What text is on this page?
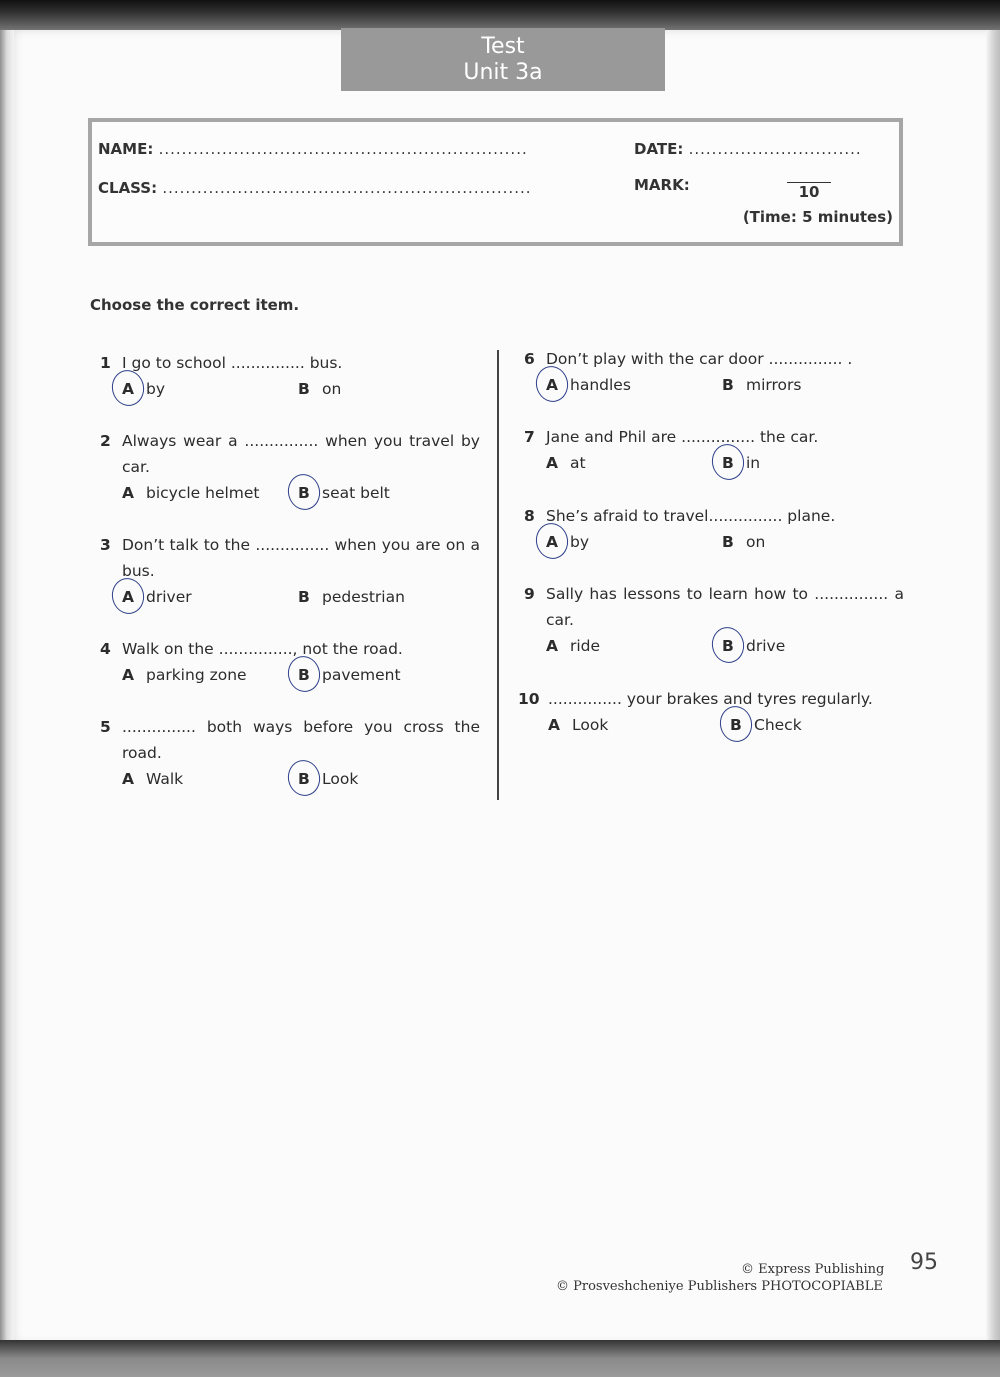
Test
Unit 3a
NAME: ................................................................	DATE: ..............................
CLASS: ................................................................	MARK:	10
(Time: 5 minutes)
Choose the correct item.
1 I go to school ............... bus.
A by	B on
2 Always wear a ............... when you travel by car.
A bicycle helmet B seat belt
3 Don’t talk to the ............... when you are on a bus.
A driver	B pedestrian
4 Walk on the ..............., not the road.
A parking zone	B pavement
5 ............... both ways before you cross the road.
A Walk	B Look
6 Don’t play with the car door ............... .
A handles	B mirrors
7 Jane and Phil are ............... the car.
A at	B in
8 She’s afraid to travel............... plane.
A by	B on
9 Sally has lessons to learn how to ............... a car.
A ride	B drive
10 ............... your brakes and tyres regularly.
A Look	B Check
© Express Publishing
© Prosveshcheniye Publishers PHOTOCOPIABLE
95
